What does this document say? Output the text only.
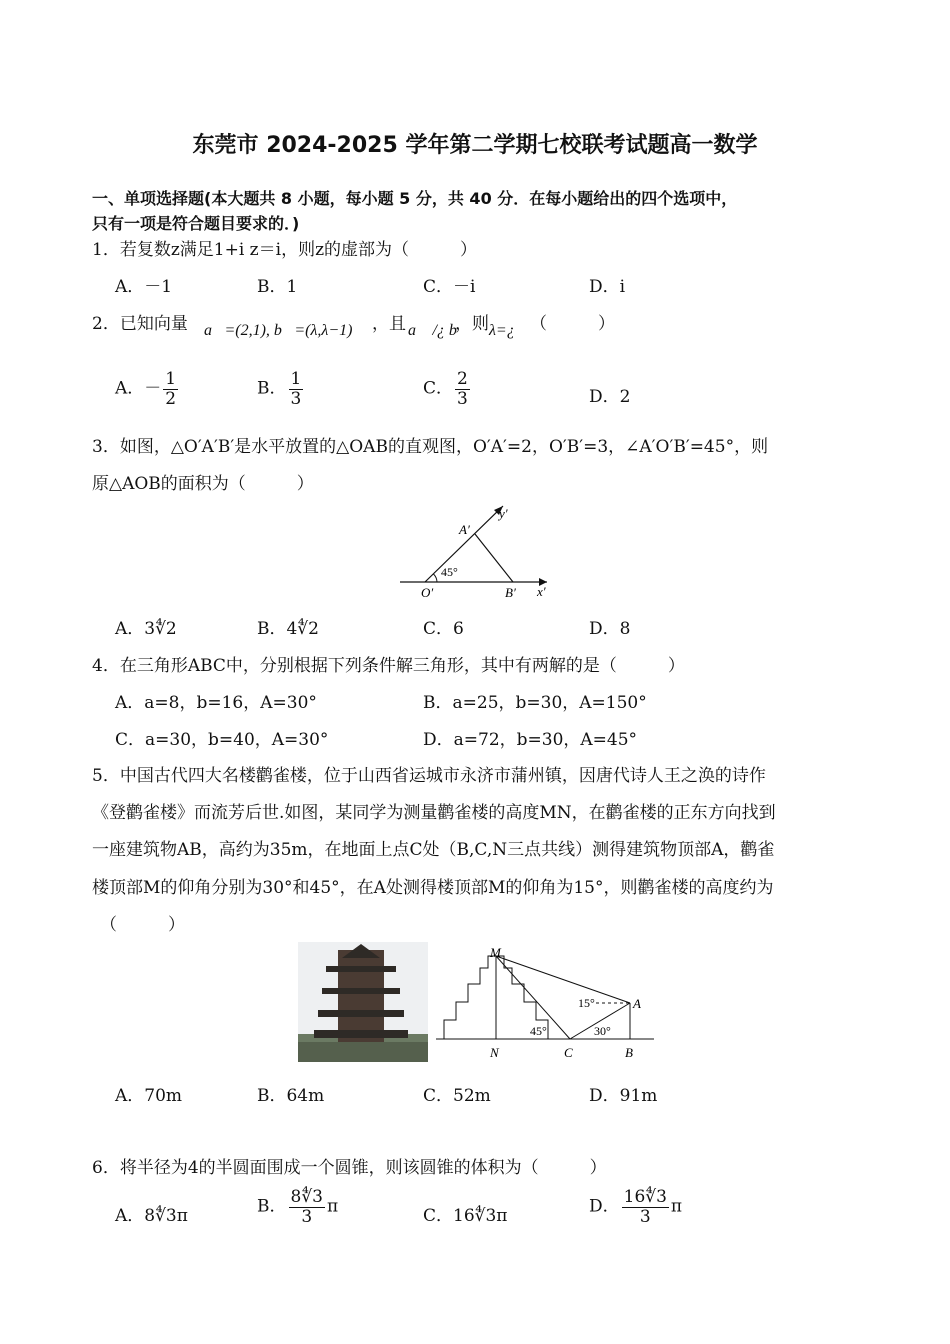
东莞市 2024-2025 学年第二学期七校联考试题高一数学
一、单项选择题(本大题共 8 小题，每小题 5 分，共 40 分．在每小题给出的四个选项中，
只有一项是符合题目要求的．)
1．若复数z满足1+i z＝i，则z的虚部为（　　　）
A．－1	B．1	C．－i	D．i
2．已知向量 a⃗=(2,1), b⃗=(λ,λ−1) ，且 a⃗ /¿ b⃗
，则 λ=¿ （　　　）
A．－ $\frac{1}{2}$	B． $\frac{1}{3}$	C． $\frac{2}{3}$	D．2
3．如图，△O′A′B′是水平放置的△OAB的直观图，O′A′=2，O′B′=3，∠A′O′B′=45°，则
原△AOB的面积为（　　　）
45°
A′
B′
O′	x′
y′
A．3∜2	B．4∜2	C．6	D．8
4．在三角形ABC中，分别根据下列条件解三角形，其中有两解的是（　　　）
A．a=8，b=16，A=30°	B．a=25，b=30，A=150°
C．a=30，b=40，A=30°	D．a=72，b=30，A=45°
5．中国古代四大名楼鹳雀楼，位于山西省运城市永济市蒲州镇，因唐代诗人王之涣的诗作
《登鹳雀楼》而流芳后世.如图，某同学为测量鹳雀楼的高度MN，在鹳雀楼的正东方向找到
一座建筑物AB，高约为35m，在地面上点C处（B,C,N三点共线）测得建筑物顶部A，鹳雀
楼顶部M的仰角分别为30°和45°，在A处测得楼顶部M的仰角为15°，则鹳雀楼的高度约为
（　　　）
M
A
N	C	B
15°
45°	30°
A．70m	B．64m	C．52m	D．91m
6．将半径为4的半圆面围成一个圆锥，则该圆锥的体积为（　　　）
A．8∜3π	B． $\frac{8∜3}{3}$ π	C．16∜3π	D． $\frac{16∜3}{3}$ π
